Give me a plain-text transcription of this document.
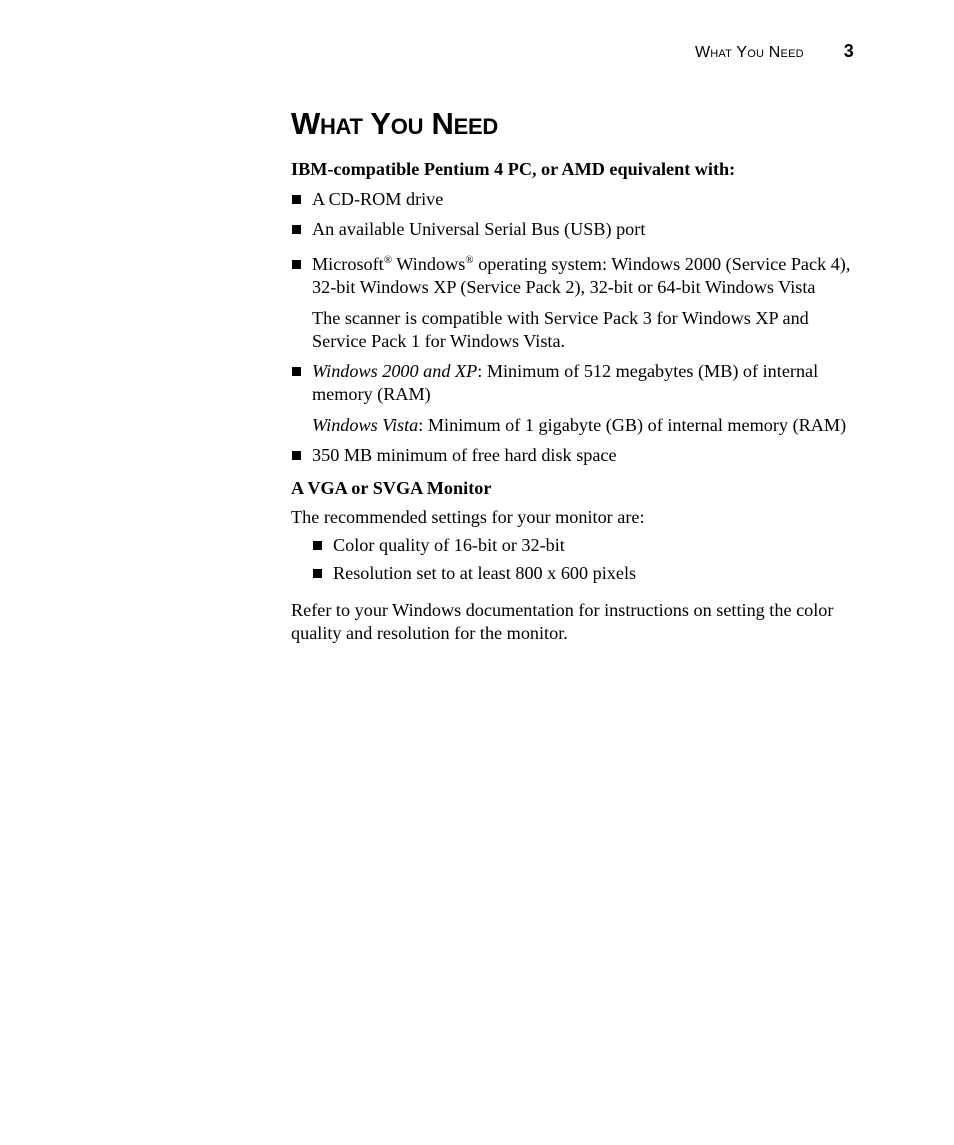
What You Need 3
What You Need

IBM-compatible Pentium 4 PC, or AMD equivalent with:

A CD-ROM drive
An available Universal Serial Bus (USB) port
Microsoft® Windows® operating system: Windows 2000 (Service Pack 4), 32-bit Windows XP (Service Pack 2), 32-bit or 64-bit Windows Vista
The scanner is compatible with Service Pack 3 for Windows XP and Service Pack 1 for Windows Vista.
Windows 2000 and XP: Minimum of 512 megabytes (MB) of internal memory (RAM)
Windows Vista: Minimum of 1 gigabyte (GB) of internal memory (RAM)
350 MB minimum of free hard disk space

A VGA or SVGA Monitor

The recommended settings for your monitor are:

Color quality of 16-bit or 32-bit
Resolution set to at least 800 x 600 pixels

Refer to your Windows documentation for instructions on setting the color quality and resolution for the monitor.
